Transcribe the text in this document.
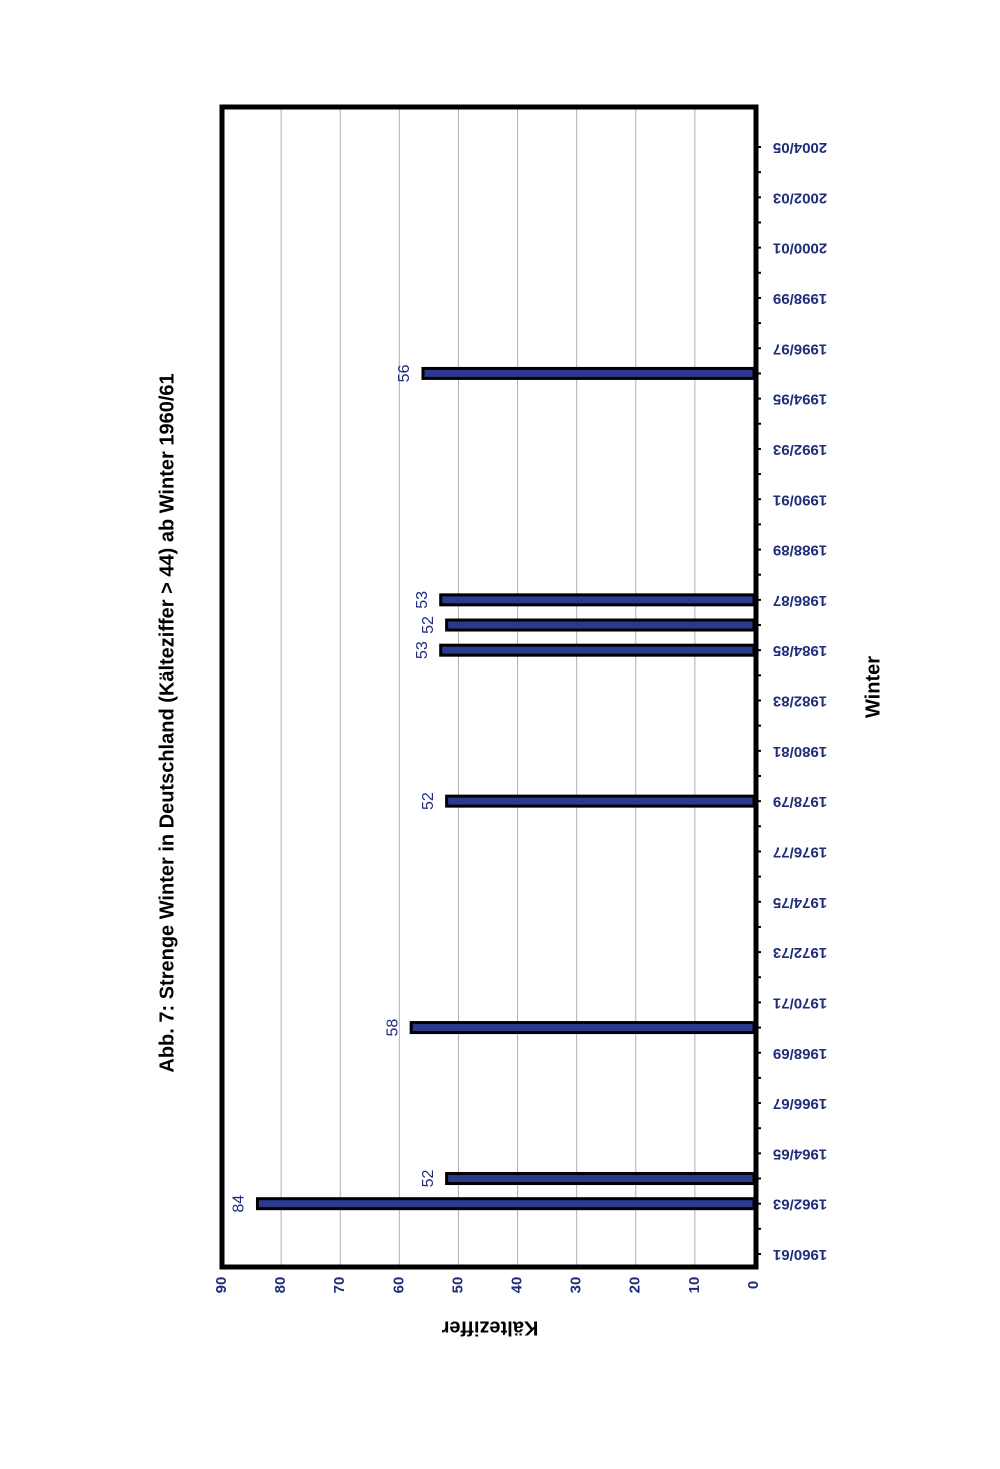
0
10
20
30
40
50
60
70
80
90
1960/61
1962/63
1964/65
1966/67
1968/69
1970/71
1972/73
1974/75
1976/77
1978/79
1980/81
1982/83
1984/85
1986/87
1988/89
1990/91
1992/93
1994/95
1996/97
1998/99
2000/01
2002/03
2004/05
84
52
58
52
53
52
53
56
Abb. 7: Strenge Winter in Deutschland (Kälteziffer > 44) ab Winter 1960/61	Winter
Kälteziffer
